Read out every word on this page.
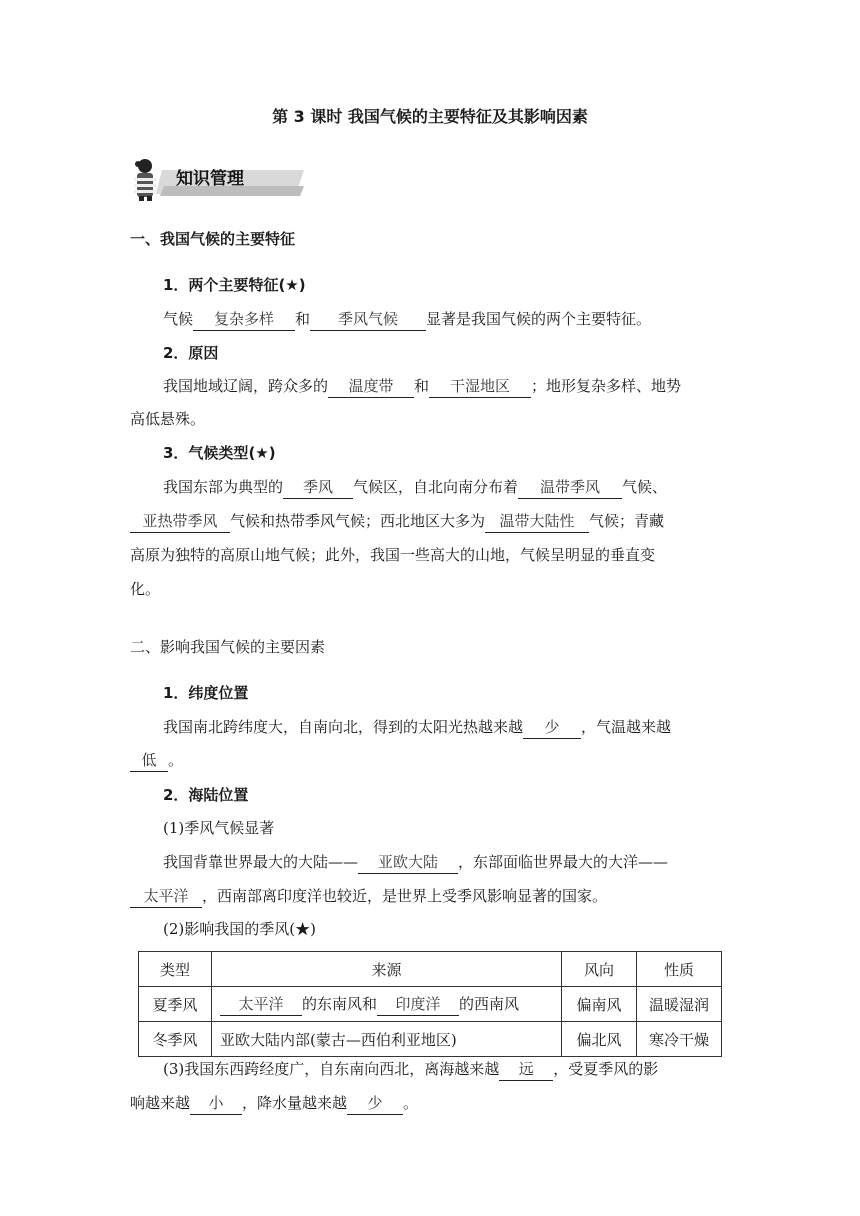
第 3 课时 我国气候的主要特征及其影响因素
知识管理
一、我国气候的主要特征
1．两个主要特征(★)
气候 复杂多样 和 季风气候 显著是我国气候的两个主要特征。
2．原因
我国地域辽阔，跨众多的 温度带 和 干湿地区 ；地形复杂多样、地势
高低悬殊。
3．气候类型(★)
我国东部为典型的 季风 气候区，自北向南分布着 温带季风 气候、
亚热带季风 气候和热带季风气候；西北地区大多为 温带大陆性 气候；青藏
高原为独特的高原山地气候；此外，我国一些高大的山地，气候呈明显的垂直变
化。
二、影响我国气候的主要因素
1．纬度位置
我国南北跨纬度大，自南向北，得到的太阳光热越来越 少 ，气温越来越
低 。
2．海陆位置
(1)季风气候显著
我国背靠世界最大的大陆—— 亚欧大陆 ，东部面临世界最大的大洋——
太平洋 ，西南部离印度洋也较近，是世界上受季风影响显著的国家。
(2)影响我国的季风(★)
类型	来源	风向	性质
夏季风	太平洋 的东南风和 印度洋 的西南风	偏南风	温暖湿润
冬季风	亚欧大陆内部(蒙古—西伯利亚地区)	偏北风	寒冷干燥
(3)我国东西跨经度广，自东南向西北，离海越来越 远 ，受夏季风的影
响越来越 小 ，降水量越来越 少 。
